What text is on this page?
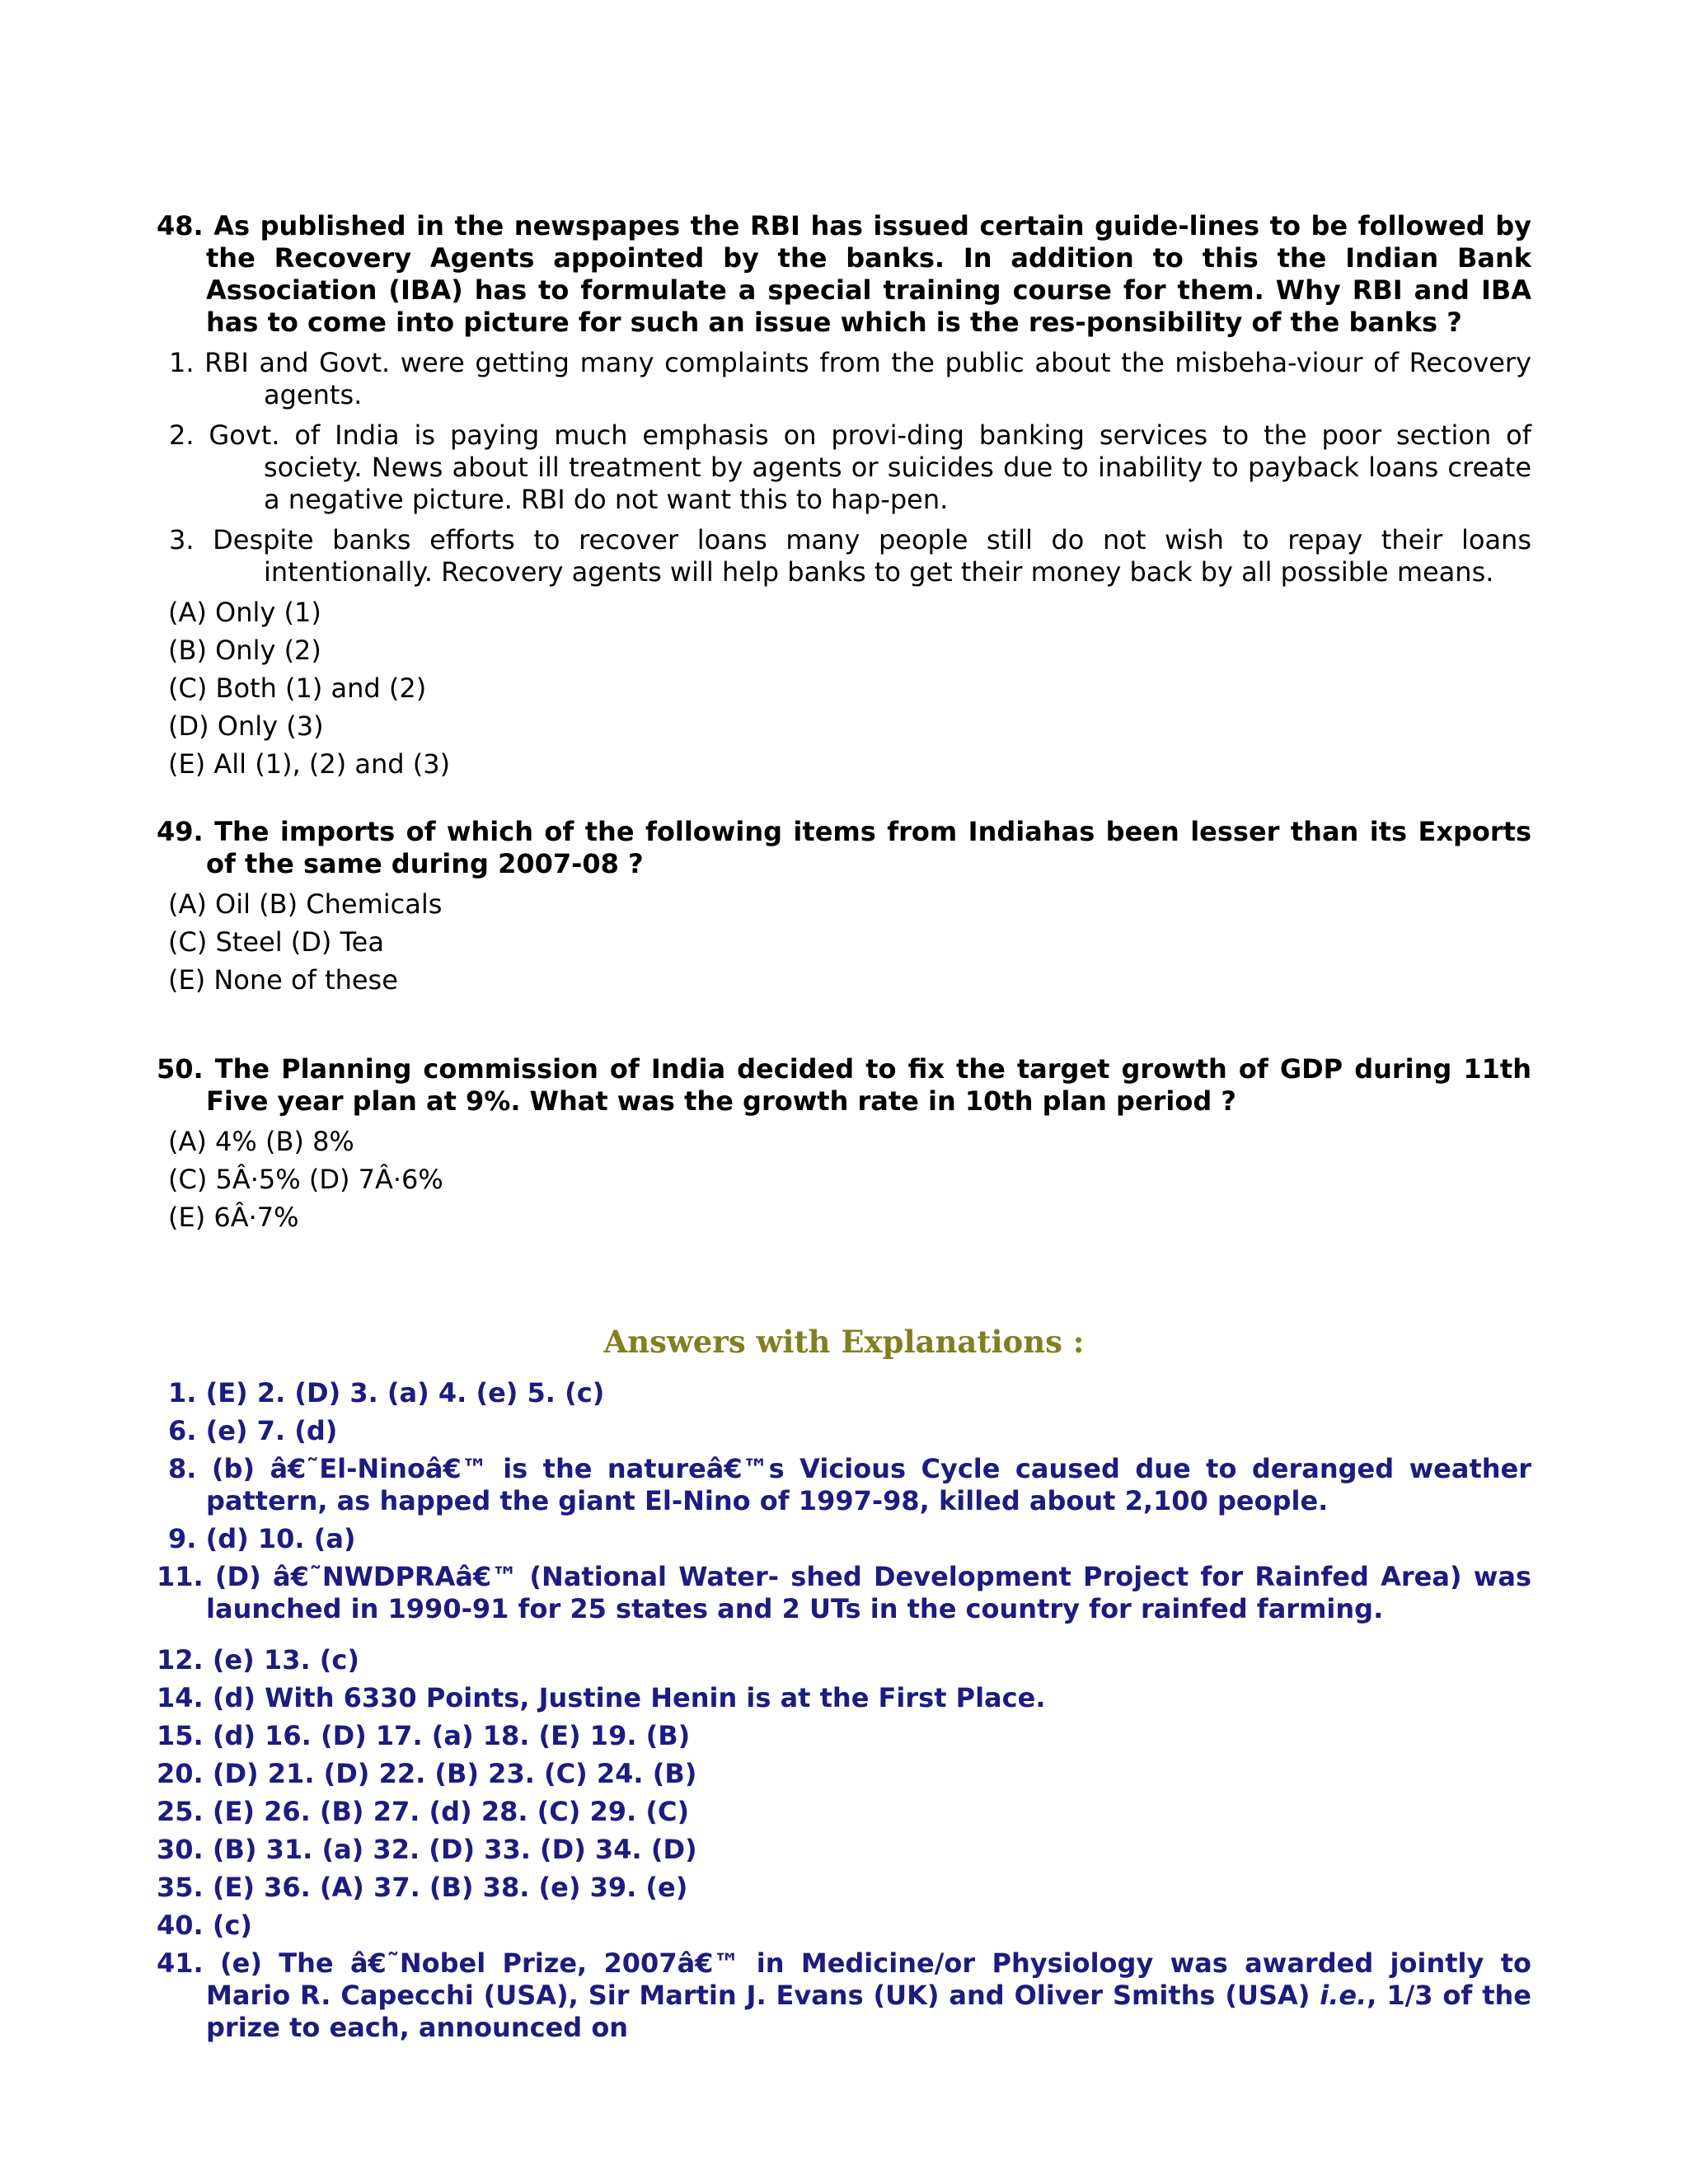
48. As published in the newspapes the RBI has issued certain guide-lines to be followed by the Recovery Agents appointed by the banks. In addition to this the Indian Bank Association (IBA) has to formulate a special training course for them. Why RBI and IBA has to come into picture for such an issue which is the res-ponsibility of the banks ?

1. RBI and Govt. were getting many complaints from the public about the misbeha-viour of Recovery agents.

2. Govt. of India is paying much emphasis on provi-ding banking services to the poor section of society. News about ill treatment by agents or suicides due to inability to payback loans create a negative picture. RBI do not want this to hap-pen.

3. Despite banks efforts to recover loans many people still do not wish to repay their loans intentionally. Recovery agents will help banks to get their money back by all possible means.

(A) Only (1)
(B) Only (2)
(C) Both (1) and (2)
(D) Only (3)
(E) All (1), (2) and (3)

49. The imports of which of the following items from Indiahas been lesser than its Exports of the same during 2007-08 ?

(A) Oil (B) Chemicals
(C) Steel (D) Tea
(E) None of these

50. The Planning commission of India decided to fix the target growth of GDP during 11th Five year plan at 9%. What was the growth rate in 10th plan period ?

(A) 4% (B) 8%
(C) 5Â·5% (D) 7Â·6%
(E) 6Â·7%
Answers with Explanations :
1. (E) 2. (D) 3. (a) 4. (e) 5. (c)
6. (e) 7. (d)
8. (b) â€˜El-Ninoâ€™ is the natureâ€™s Vicious Cycle caused due to deranged weather pattern, as happed the giant El-Nino of 1997-98, killed about 2,100 people.
9. (d) 10. (a)
11. (D) â€˜NWDPRAâ€™ (National Water- shed Development Project for Rainfed Area) was launched in 1990-91 for 25 states and 2 UTs in the country for rainfed farming.
12. (e) 13. (c)
14. (d) With 6330 Points, Justine Henin is at the First Place.
15. (d) 16. (D) 17. (a) 18. (E) 19. (B)
20. (D) 21. (D) 22. (B) 23. (C) 24. (B)
25. (E) 26. (B) 27. (d) 28. (C) 29. (C)
30. (B) 31. (a) 32. (D) 33. (D) 34. (D)
35. (E) 36. (A) 37. (B) 38. (e) 39. (e)
40. (c)
41. (e) The â€˜Nobel Prize, 2007â€™ in Medicine/or Physiology was awarded jointly to Mario R. Capecchi (USA), Sir Martin J. Evans (UK) and Oliver Smiths (USA) i.e., 1/3 of the prize to each, announced on
